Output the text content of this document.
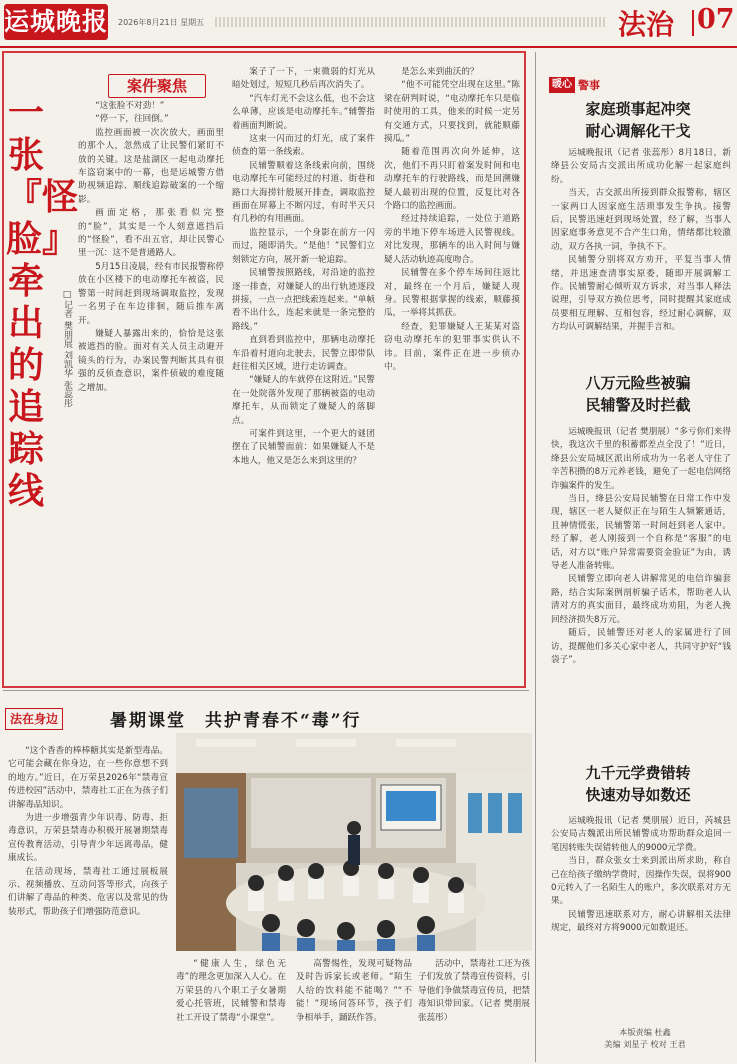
运城晚报 2026年8月21日 星期五	法治 07
案件聚焦
一张『怪脸』牵出的追踪线
□记者 樊朋展 刘凯华 张蕊彤

“这张脸不对劲！”

“停一下，往回倒。”

监控画面被一次次放大，画面里的那个人，忽然成了让民警们紧盯不放的关键。这是盐湖区一起电动摩托车盗窃案中的一幕，也是运城警方借助视频追踪、顺线追踪破案的一个缩影。

画面定格，那张看似完整的“脸”，其实是一个人刻意遮挡后的“怪脸”，看不出五官，却让民警心里一沉：这不是普通路人。

5月15日凌晨，经有市民报警称停放在小区楼下的电动摩托车被盗，民警第一时间赶到现场调取监控，发现一名男子在车边徘徊，随后推车离开。

嫌疑人暴露出来的，恰恰是这张被遮挡的脸。面对有关人员主动避开镜头的行为，办案民警判断其具有很强的反侦查意识，案件侦破的难度随之增加。

案子了一下，一束微弱的灯光从暗处划过，短短几秒后再次消失了。

“汽车灯光不会这么低，也不会这么单薄，应该是电动摩托车。”辅警指着画面判断说。

这束一闪而过的灯光，成了案件侦查的第一条线索。

民辅警顺着这条线索向前，围绕电动摩托车可能经过的村道、街巷和路口大海捞针般展开排查，调取监控画面在屏幕上不断闪过，有时半天只有几秒的有用画面。

监控显示，一个身影在前方一闪而过，随即消失。“是他！”民警们立刻锁定方向，展开新一轮追踪。

民辅警按照路线，对沿途的监控逐一排查，对嫌疑人的出行轨迹逐段拼接，一点一点把线索连起来。“单帧看不出什么，连起来就是一条完整的路线。”

直到看到监控中，那辆电动摩托车沿着村道向北驶去，民警立即带队赶往相关区域，进行走访调查。

“嫌疑人的车就停在这附近。”民警在一处院落外发现了那辆被盗的电动摩托车，从而锁定了嫌疑人的落脚点。

可案件到这里，一个更大的谜团摆在了民辅警面前：如果嫌疑人不是本地人，他又是怎么来到这里的？

是怎么来到曲沃的？

“他不可能凭空出现在这里。”陈梁在研判时说，“电动摩托车只是临时使用的工具，他来的时候一定另有交通方式，只要找到，就能顺藤摸瓜。”

随着范围再次向外延伸，这次，他们不再只盯着案发时间和电动摩托车的行驶路线，而是回溯嫌疑人最初出现的位置，反复比对各个路口的监控画面。

经过持续追踪，一处位于道路旁的半地下停车场进入民警视线。对比发现，那辆车的出入时间与嫌疑人活动轨迹高度吻合。

民辅警在多个停车场间往返比对，最终在一个月后，嫌疑人现身。民警根据掌握的线索，顺藤摸瓜，一举将其抓获。

经查，犯罪嫌疑人王某某对盗窃电动摩托车的犯罪事实供认不讳。目前，案件正在进一步侦办中。

暖心 警事
家庭琐事起冲突
耐心调解化干戈

运城晚报讯（记者 张蕊彤）8月18日，新绛县公安局古交派出所成功化解一起家庭纠纷。

当天，古交派出所接到群众报警称，辖区一家两口人因家庭生活琐事发生争执。接警后，民警迅速赶到现场处置，经了解，当事人因家庭事务意见不合产生口角，情绪都比较激动，双方各执一词，争执不下。

民辅警分别将双方劝开，平复当事人情绪，并迅速查清事实原委，随即开展调解工作。民辅警耐心倾听双方诉求，对当事人释法说理，引导双方换位思考，同时提醒其家庭成员要相互理解、互相包容，经过耐心调解，双方均认可调解结果，并握手言和。

八万元险些被骗
民辅警及时拦截

运城晚报讯（记者 樊朋展）“多亏你们来得快，我这次千里的积蓄都差点全没了！”近日，绛县公安局城区派出所成功为一名老人守住了辛苦积攒的8万元养老钱，避免了一起电信网络诈骗案件的发生。

当日，绛县公安局民辅警在日常工作中发现，辖区一老人疑似正在与陌生人频繁通话，且神情慌张，民辅警第一时间赶到老人家中。经了解，老人刚接到一个自称是“客服”的电话，对方以“账户异常需要资金验证”为由，诱导老人准备转账。

民辅警立即向老人讲解常见的电信诈骗套路，结合实际案例剖析骗子话术，帮助老人认清对方的真实面目，最终成功劝阻，为老人挽回经济损失8万元。

随后，民辅警还对老人的家属进行了回访，提醒他们多关心家中老人，共同守护好“钱袋子”。

九千元学费错转
快速劝导如数还

运城晚报讯（记者 樊朋展）近日，芮城县公安局古魏派出所民辅警成功帮助群众追回一笔因转账失误错转他人的9000元学费。

当日，群众张女士来到派出所求助，称自己在给孩子缴纳学费时，因操作失误，误将9000元转入了一名陌生人的账户，多次联系对方无果。

民辅警迅速联系对方，耐心讲解相关法律规定，最终对方将9000元如数退还。

本版责编 杜鑫
美编 刘星子 校对 王君
法在身边	暑期课堂　共护青春不“毒”行

“这个香香的棒棒糖其实是新型毒品。它可能会藏在你身边，在一些你意想不到的地方。”近日，在万荣县2026年“禁毒宣传进校园”活动中，禁毒社工正在为孩子们讲解毒品知识。

为进一步增强青少年识毒、防毒、拒毒意识，万荣县禁毒办积极开展暑期禁毒宣传教育活动，引导青少年远离毒品，健康成长。

在活动现场，禁毒社工通过展板展示、视频播放、互动问答等形式，向孩子们讲解了毒品的种类、危害以及常见的伪装形式，帮助孩子们增强防范意识。

“健康人生，绿色无毒”的理念更加深入人心。在万荣县的八个职工子女暑期爱心托管班，民辅警和禁毒社工开设了禁毒“小课堂”。

高警惕性，发现可疑物品及时告诉家长或老师。“陌生人给的饮料能不能喝？”“不能！”现场问答环节，孩子们争相举手，踊跃作答。

活动中，禁毒社工还为孩子们发放了禁毒宣传资料，引导他们争做禁毒宣传员，把禁毒知识带回家。（记者 樊朋展 张蕊彤）
